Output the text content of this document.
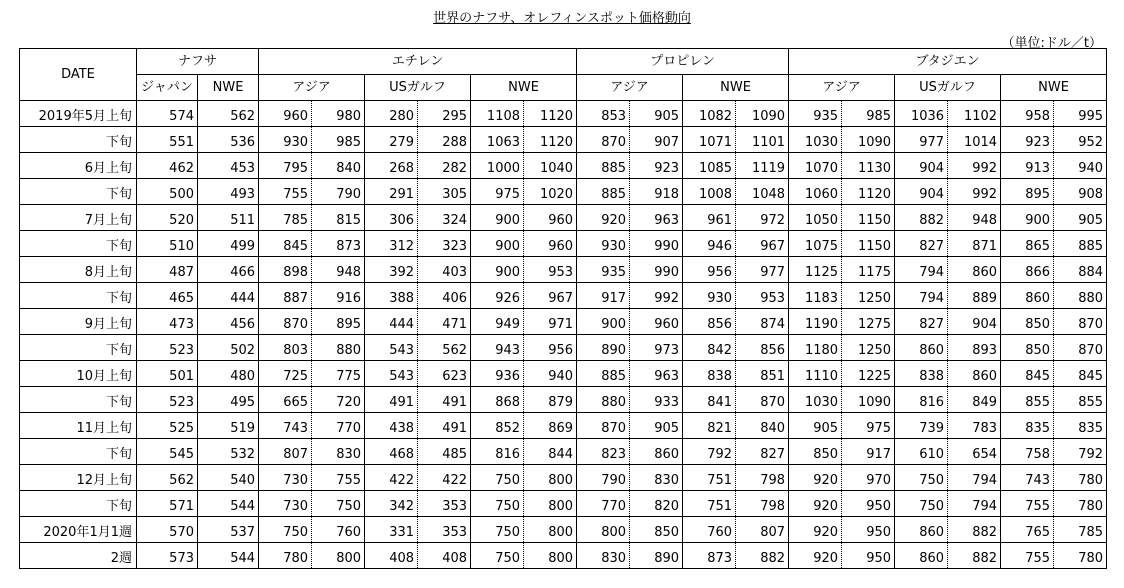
世界のナフサ、オレフィンスポット価格動向
（単位:ドル／t）
DATE	ナフサ		エチレン						プロピレン				ブタジエン					
	ジャパン	NWE	アジア		USガルフ		NWE		アジア		NWE		アジア		USガルフ		NWE	
2019年5月上旬	574	562	960	980	280	295	1108	1120	853	905	1082	1090	935	985	1036	1102	958	995
下旬	551	536	930	985	279	288	1063	1120	870	907	1071	1101	1030	1090	977	1014	923	952
6月上旬	462	453	795	840	268	282	1000	1040	885	923	1085	1119	1070	1130	904	992	913	940
下旬	500	493	755	790	291	305	975	1020	885	918	1008	1048	1060	1120	904	992	895	908
7月上旬	520	511	785	815	306	324	900	960	920	963	961	972	1050	1150	882	948	900	905
下旬	510	499	845	873	312	323	900	960	930	990	946	967	1075	1150	827	871	865	885
8月上旬	487	466	898	948	392	403	900	953	935	990	956	977	1125	1175	794	860	866	884
下旬	465	444	887	916	388	406	926	967	917	992	930	953	1183	1250	794	889	860	880
9月上旬	473	456	870	895	444	471	949	971	900	960	856	874	1190	1275	827	904	850	870
下旬	523	502	803	880	543	562	943	956	890	973	842	856	1180	1250	860	893	850	870
10月上旬	501	480	725	775	543	623	936	940	885	963	838	851	1110	1225	838	860	845	845
下旬	523	495	665	720	491	491	868	879	880	933	841	870	1030	1090	816	849	855	855
11月上旬	525	519	743	770	438	491	852	869	870	905	821	840	905	975	739	783	835	835
下旬	545	532	807	830	468	485	816	844	823	860	792	827	850	917	610	654	758	792
12月上旬	562	540	730	755	422	422	750	800	790	830	751	798	920	970	750	794	743	780
下旬	571	544	730	750	342	353	750	800	770	820	751	798	920	950	750	794	755	780
2020年1月1週	570	537	750	760	331	353	750	800	800	850	760	807	920	950	860	882	765	785
2週	573	544	780	800	408	408	750	800	830	890	873	882	920	950	860	882	755	780
